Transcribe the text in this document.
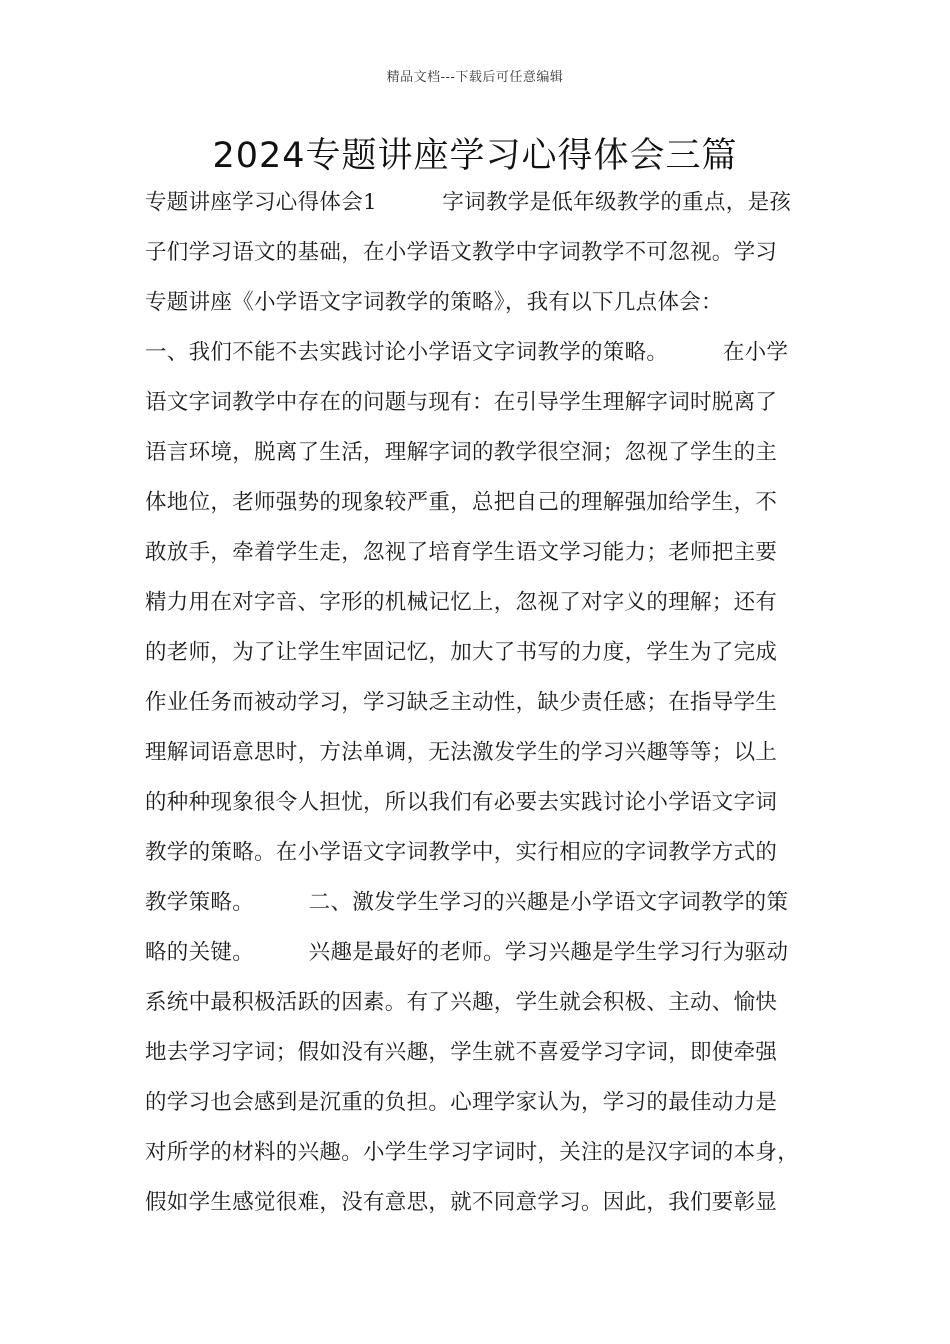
精品文档---下载后可任意编辑
2024专题讲座学习心得体会三篇
专题讲座学习心得体会1　　　字词教学是低年级教学的重点，是孩
子们学习语文的基础，在小学语文教学中字词教学不可忽视。学习
专题讲座《小学语文字词教学的策略》，我有以下几点体会：
一、我们不能不去实践讨论小学语文字词教学的策略。　　　在小学
语文字词教学中存在的问题与现有：在引导学生理解字词时脱离了
语言环境，脱离了生活，理解字词的教学很空洞；忽视了学生的主
体地位，老师强势的现象较严重，总把自己的理解强加给学生，不
敢放手，牵着学生走，忽视了培育学生语文学习能力；老师把主要
精力用在对字音、字形的机械记忆上，忽视了对字义的理解；还有
的老师，为了让学生牢固记忆，加大了书写的力度，学生为了完成
作业任务而被动学习，学习缺乏主动性，缺少责任感；在指导学生
理解词语意思时，方法单调，无法激发学生的学习兴趣等等；以上
的种种现象很令人担忧，所以我们有必要去实践讨论小学语文字词
教学的策略。在小学语文字词教学中，实行相应的字词教学方式的
教学策略。　　　二、激发学生学习的兴趣是小学语文字词教学的策
略的关键。　　　兴趣是最好的老师。学习兴趣是学生学习行为驱动
系统中最积极活跃的因素。有了兴趣，学生就会积极、主动、愉快
地去学习字词；假如没有兴趣，学生就不喜爱学习字词，即使牵强
的学习也会感到是沉重的负担。心理学家认为，学习的最佳动力是
对所学的材料的兴趣。小学生学习字词时，关注的是汉字词的本身，
假如学生感觉很难，没有意思，就不同意学习。因此，我们要彰显
